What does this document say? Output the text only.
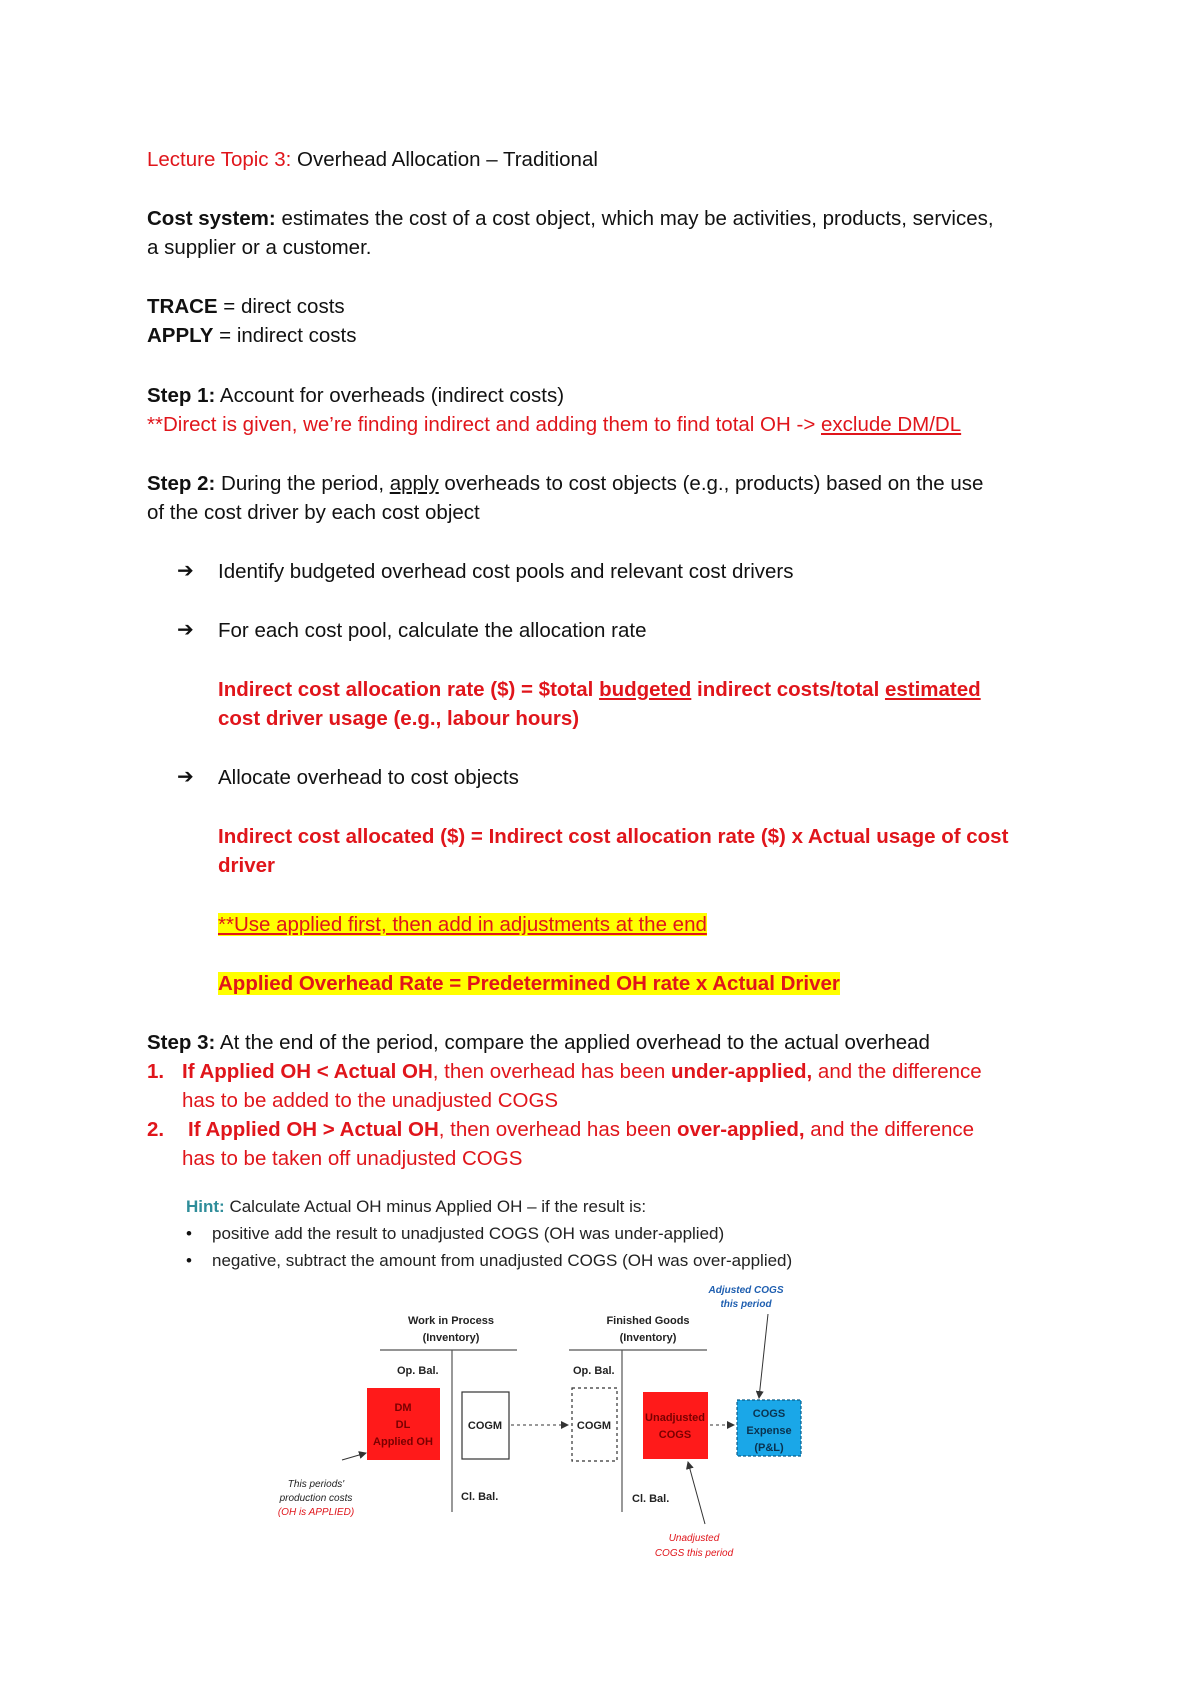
Lecture Topic 3: Overhead Allocation – Traditional
Cost system: estimates the cost of a cost object, which may be activities, products, services,
a supplier or a customer.
TRACE = direct costs
APPLY = indirect costs
Step 1: Account for overheads (indirect costs)
**Direct is given, we’re finding indirect and adding them to find total OH -> exclude DM/DL
Step 2: During the period, apply overheads to cost objects (e.g., products) based on the use
of the cost driver by each cost object
➔ Identify budgeted overhead cost pools and relevant cost drivers
➔ For each cost pool, calculate the allocation rate
Indirect cost allocation rate ($) = $total budgeted indirect costs/total estimated
cost driver usage (e.g., labour hours)
➔ Allocate overhead to cost objects
Indirect cost allocated ($) = Indirect cost allocation rate ($) x Actual usage of cost
driver
**Use applied first, then add in adjustments at the end
Applied Overhead Rate = Predetermined OH rate x Actual Driver
Step 3: At the end of the period, compare the applied overhead to the actual overhead
1. If Applied OH < Actual OH, then overhead has been under-applied, and the difference
has to be added to the unadjusted COGS
2. If Applied OH > Actual OH, then overhead has been over-applied, and the difference
has to be taken off unadjusted COGS
Hint: Calculate Actual OH minus Applied OH – if the result is:
• positive add the result to unadjusted COGS (OH was under-applied)
• negative, subtract the amount from unadjusted COGS (OH was over-applied)
Adjusted COGS
this period
Work in Process
(Inventory)
Op. Bal.
Cl. Bal.
DM
DL
Applied OH
COGM
Finished Goods
(Inventory)
Op. Bal.
Cl. Bal.
COGM
Unadjusted
COGS
COGS
Expense
(P&L)
This periods'
production costs
(OH is APPLIED)
Unadjusted
COGS this period
